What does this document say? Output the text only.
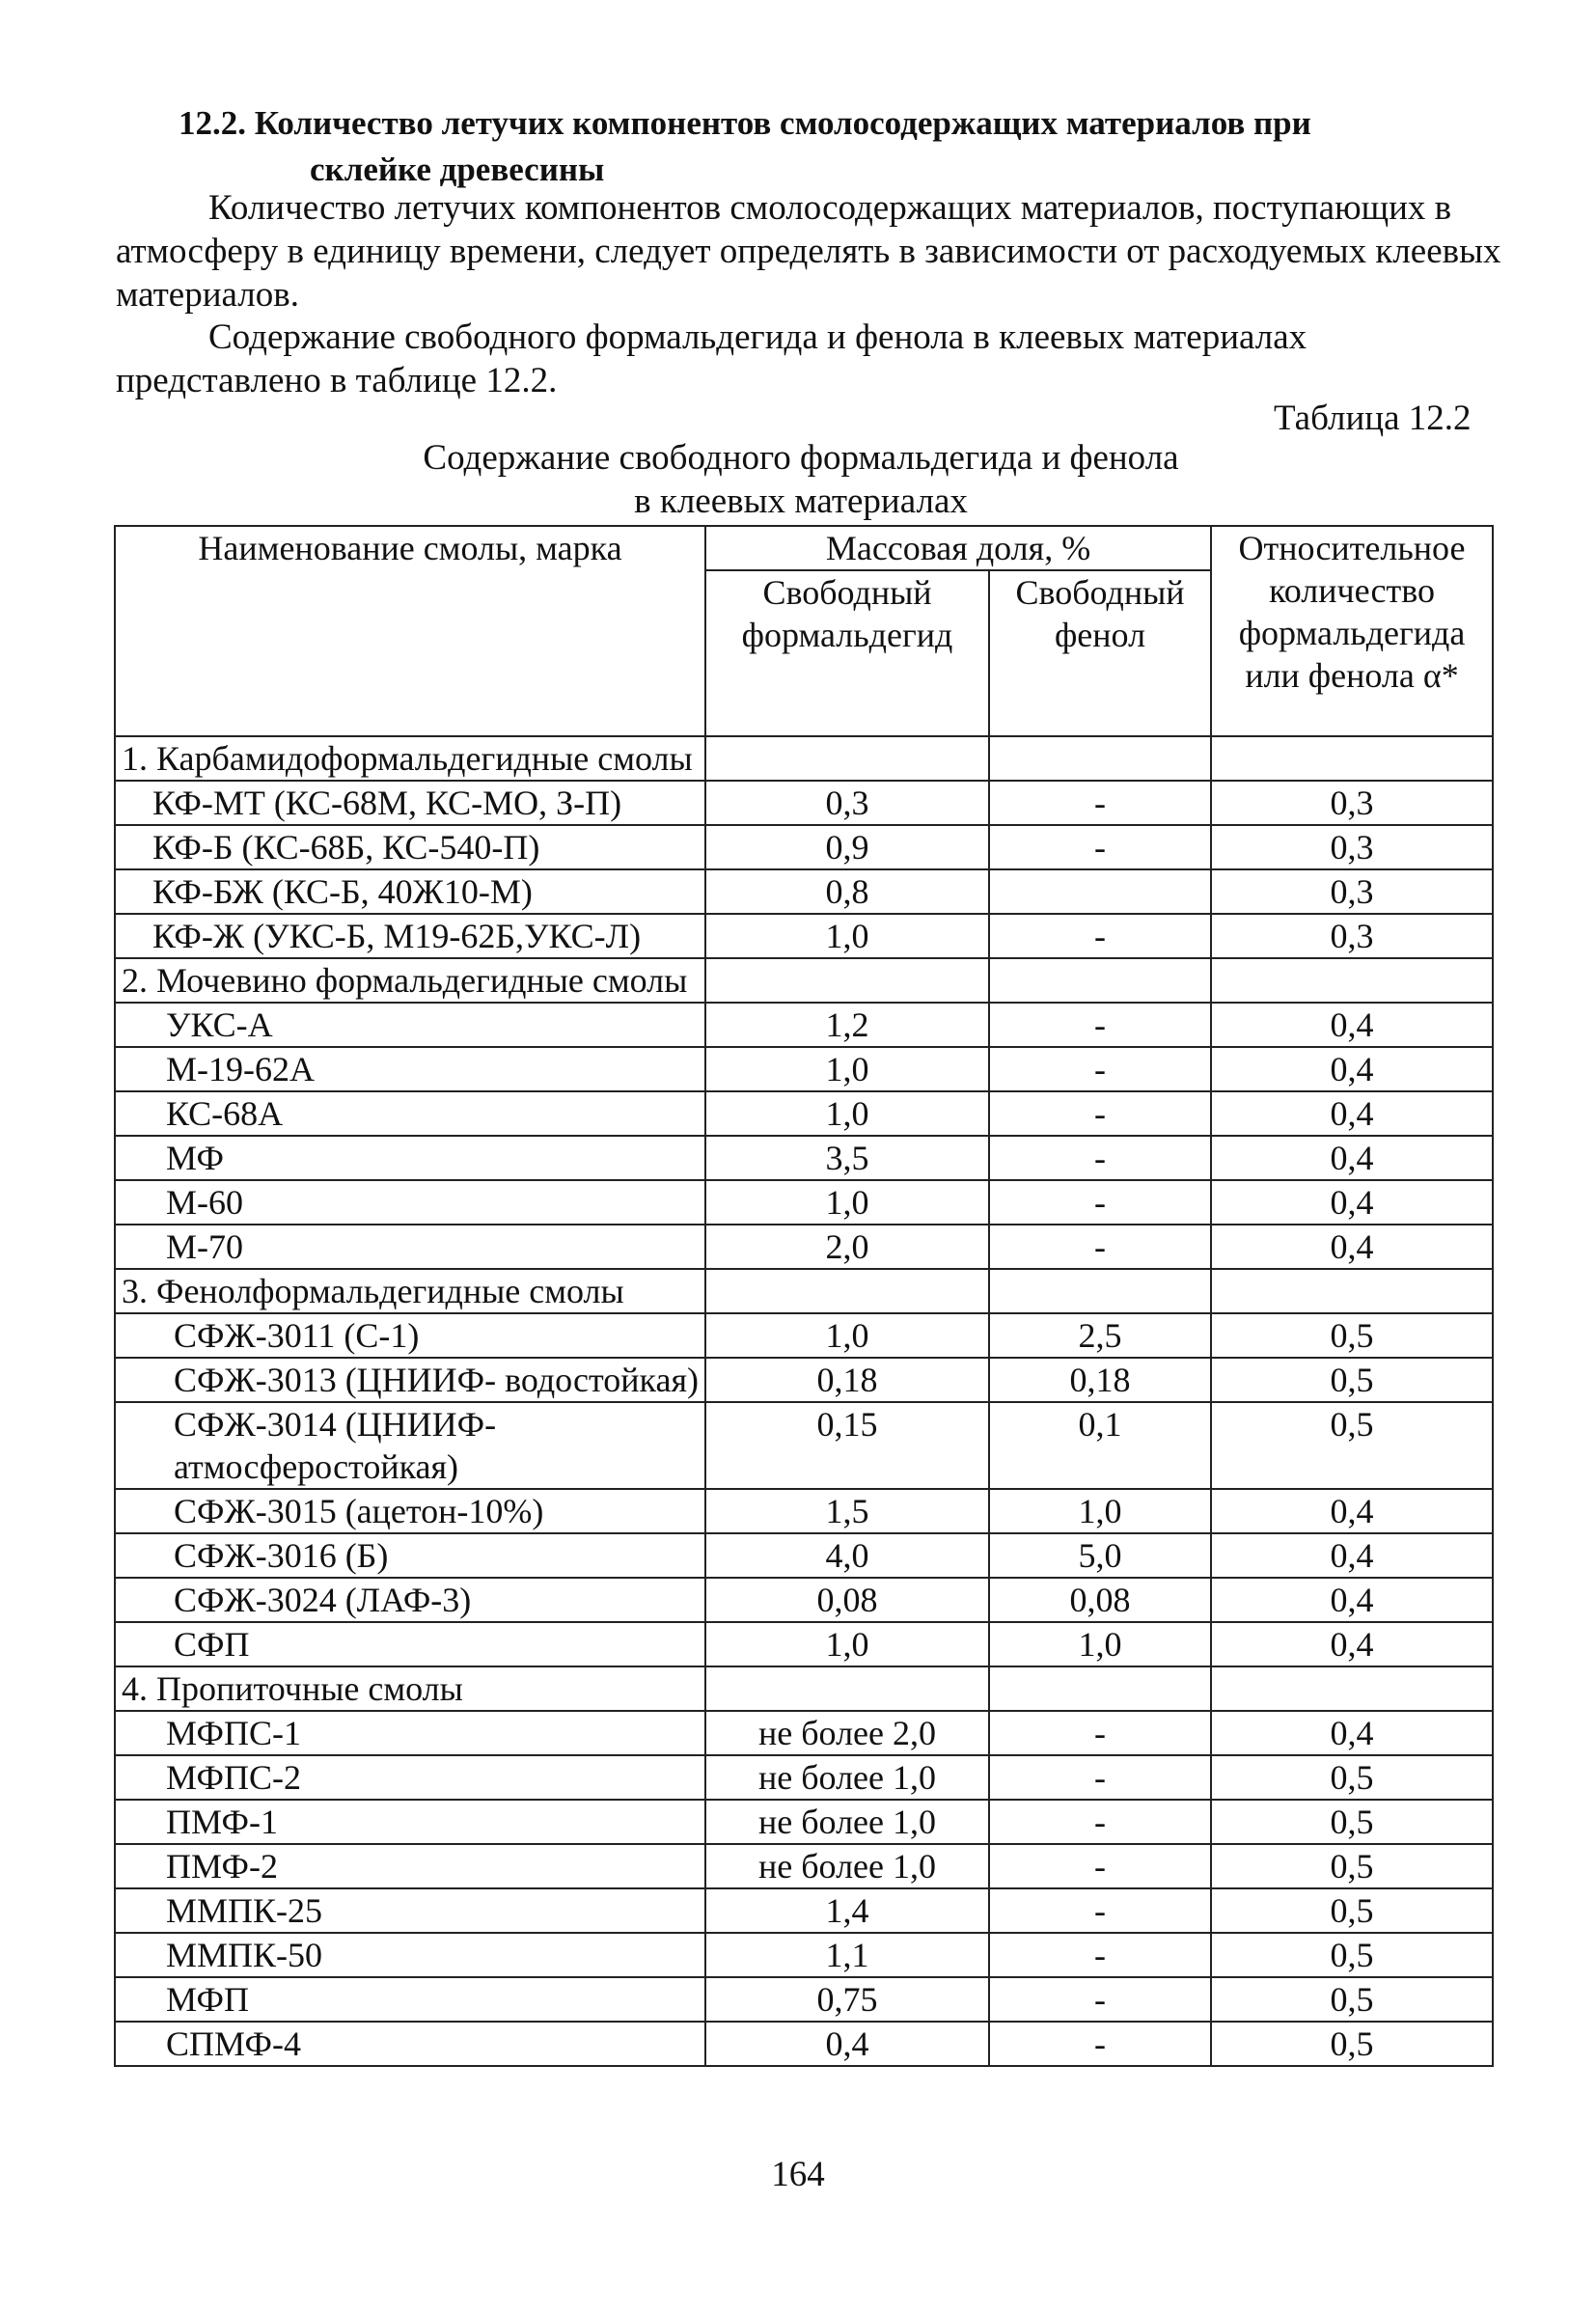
12.2. Количество летучих компонентов смолосодержащих материалов при
склейке древесины
Количество летучих компонентов смолосодержащих материалов, поступающих в атмосферу в единицу времени, следует определять в зависимости от расходуемых клеевых материалов.
Содержание свободного формальдегида и фенола в клеевых материалах представлено в таблице 12.2.
Таблица 12.2
Содержание свободного формальдегида и фенола
в клеевых материалах
Наименование смолы, марка	Массовая доля, %		Относительное количество формальдегида или фенола α*
	Свободный формальдегид	Свободный фенол	
1. Карбамидоформальдегидные смолы			
КФ-МТ (КС-68М, КС-МО, З-П)	0,3	-	0,3
КФ-Б (КС-68Б, КС-540-П)	0,9	-	0,3
КФ-БЖ (КС-Б, 40Ж10-М)	0,8		0,3
КФ-Ж (УКС-Б, М19-62Б,УКС-Л)	1,0	-	0,3
2. Мочевино формальдегидные смолы			
УКС-А	1,2	-	0,4
М-19-62А	1,0	-	0,4
КС-68А	1,0	-	0,4
МФ	3,5	-	0,4
М-60	1,0	-	0,4
М-70	2,0	-	0,4
3. Фенолформальдегидные смолы			
СФЖ-3011 (С-1)	1,0	2,5	0,5
СФЖ-3013 (ЦНИИФ- водостойкая)	0,18	0,18	0,5
СФЖ-3014 (ЦНИИФ- атмосферостойкая)	0,15	0,1	0,5
СФЖ-3015 (ацетон-10%)	1,5	1,0	0,4
СФЖ-3016 (Б)	4,0	5,0	0,4
СФЖ-3024 (ЛАФ-3)	0,08	0,08	0,4
СФП	1,0	1,0	0,4
4. Пропиточные смолы			
МФПС-1	не более 2,0	-	0,4
МФПС-2	не более 1,0	-	0,5
ПМФ-1	не более 1,0	-	0,5
ПМФ-2	не более 1,0	-	0,5
ММПК-25	1,4	-	0,5
ММПК-50	1,1	-	0,5
МФП	0,75	-	0,5
СПМФ-4	0,4	-	0,5
164
